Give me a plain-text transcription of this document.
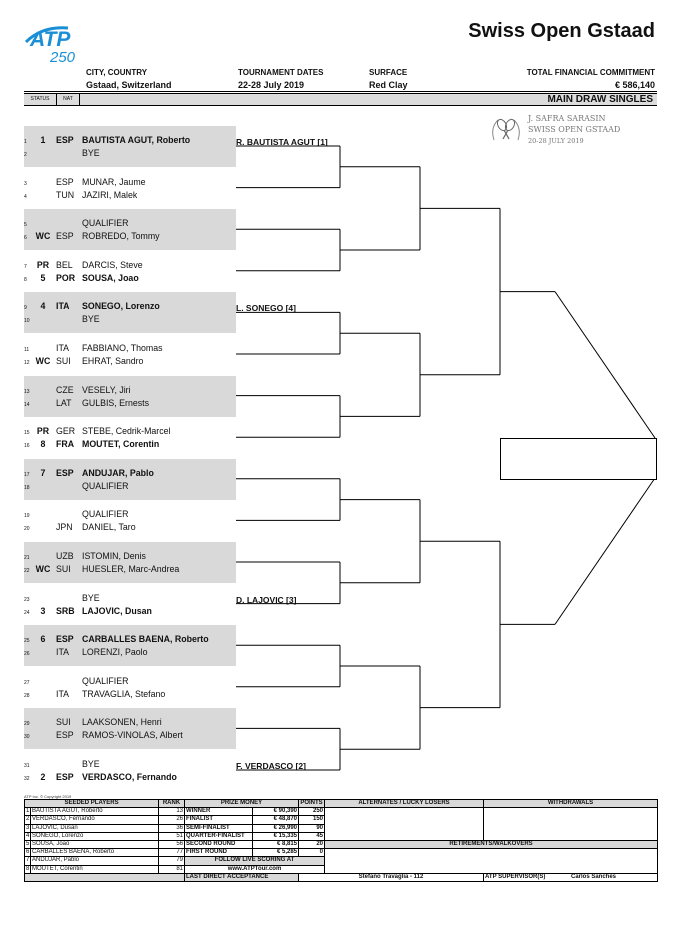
ATP
250
Swiss Open Gstaad
CITY, COUNTRY
Gstaad, Switzerland
TOURNAMENT DATES
22-28 July 2019
SURFACE
Red Clay
TOTAL FINANCIAL COMMITMENT
€ 586,140
STATUS	NAT	MAIN DRAW SINGLES
J. SAFRA SARASIN
SWISS OPEN GSTAAD
20-28 JULY 2019
1	1	ESP BAUTISTA AGUT, Roberto
2	BYE
R. BAUTISTA AGUT [1]
3	ESP MUNAR, Jaume
4	TUN JAZIRI, Malek
5	QUALIFIER
6	WC ESP ROBREDO, Tommy
7	PR BEL	DARCIS, Steve
8	5	POR SOUSA, Joao
9	4	ITA	SONEGO, Lorenzo
10	BYE
L. SONEGO [4]
11	ITA	FABBIANO, Thomas
12 WC SUI	EHRAT, Sandro
13	CZE VESELY, Jiri
14	LAT	GULBIS, Ernests
15 PR GER STEBE, Cedrik-Marcel
16	8	FRA MOUTET, Corentin
17	7	ESP ANDUJAR, Pablo
18	QUALIFIER
19	QUALIFIER
20	JPN	DANIEL, Taro
21	UZB ISTOMIN, Denis
22 WC SUI	HUESLER, Marc-Andrea
23	BYE
24	3	SRB LAJOVIC, Dusan
D. LAJOVIC [3]
25	6	ESP CARBALLES BAENA, Roberto
26	ITA	LORENZI, Paolo
27	QUALIFIER
28	ITA	TRAVAGLIA, Stefano
29	SUI	LAAKSONEN, Henri
30	ESP RAMOS-VINOLAS, Albert
31	BYE
32	2	ESP VERDASCO, Fernando
F. VERDASCO [2]
ATP Inc. © Copyright 2019
SEEDED PLAYERS		RANK	PRIZE MONEY		POINTS	ALTERNATES / LUCKY LOSERS	WITHDRAWALS
1	BAUTISTA AGUT, Roberto	13	WINNER	€ 90,390	250		
2	VERDASCO, Fernando	26	FINALIST	€ 48,870	150		
3	LAJOVIC, Dusan	36	SEMI-FINALIST	€ 26,990	90		
4	SONEGO, Lorenzo	51	QUARTER-FINALIST	€ 15,335	45		
5	SOUSA, Joao	56	SECOND ROUND	€ 8,815	20	RETIREMENTS/WALKOVERS	
6	CARBALLES BAENA, Roberto	77	FIRST ROUND	€ 5,285	0		
7	ANDUJAR, Pablo	79	FOLLOW LIVE SCORING AT				
8	MOUTET, Corentin	81	www.ATPTour.com				
			LAST DIRECT ACCEPTANCE		Stefano Travaglia - 112		ATP SUPERVISOR(S) Carlos Sanches
